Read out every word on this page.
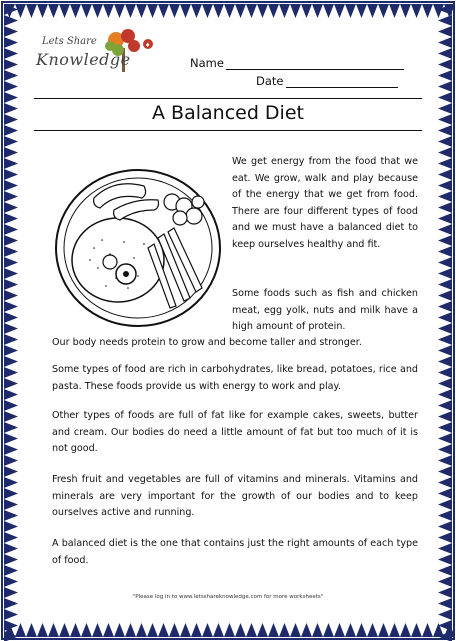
♦
Lets Share
Knowledge	Name
Date
A Balanced Diet

We get energy from the food that we eat. We grow, walk and play because of the energy that we get from food. There are four different types of food and we must have a balanced diet to keep ourselves healthy and fit.

Some foods such as fish and chicken meat, egg yolk, nuts and milk have a high amount of protein.

Our body needs protein to grow and become taller and stronger.

Some types of food are rich in carbohydrates, like bread, potatoes, rice and pasta. These foods provide us with energy to work and play.

Other types of foods are full of fat like for example cakes, sweets, butter and cream. Our bodies do need a little amount of fat but too much of it is not good.

Fresh fruit and vegetables are full of vitamins and minerals. Vitamins and minerals are very important for the growth of our bodies and to keep ourselves active and running.

A balanced diet is the one that contains just the right amounts of each type of food.

"Please log in to www.letsshareknowledge.com for more worksheets"
